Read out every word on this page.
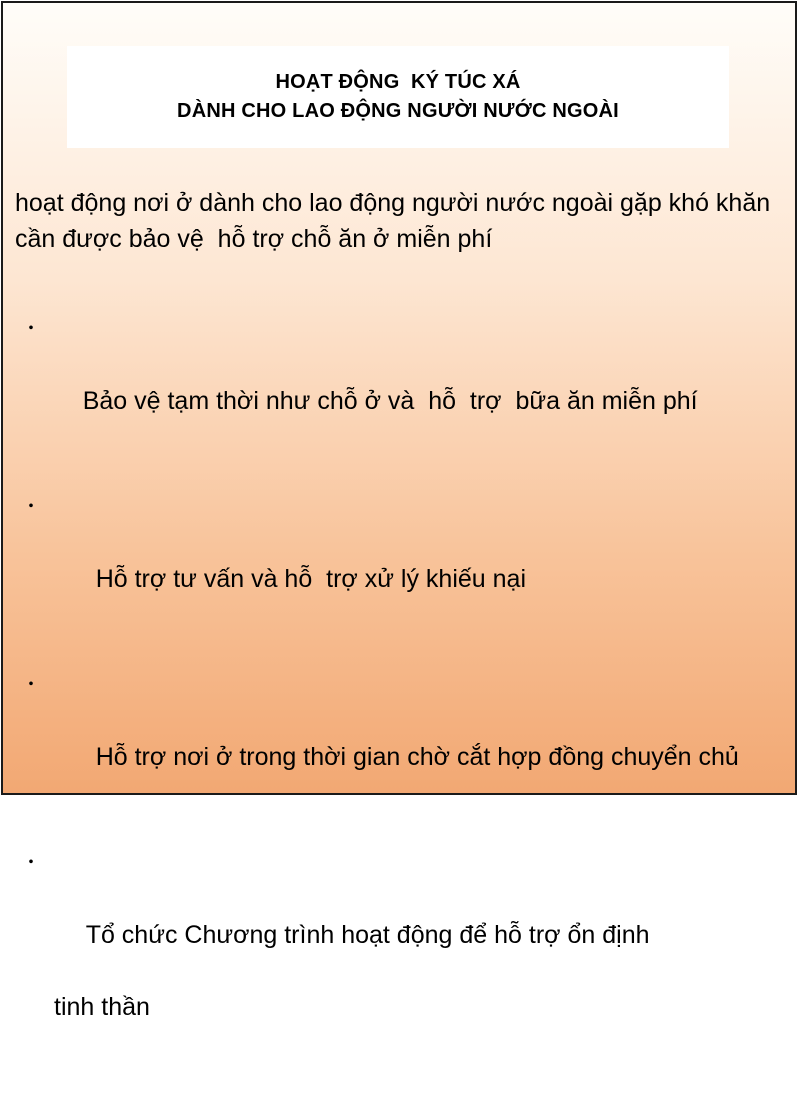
HOẠT ĐỘNG  KÝ TÚC XÁ
DÀNH CHO LAO ĐỘNG NGƯỜI NƯỚC NGOÀI
hoạt động nơi ở dành cho lao động người nước ngoài gặp khó khăn  cần được bảo vệ  hỗ trợ chỗ ăn ở miễn phí

・

Bảo vệ tạm thời như chỗ ở và  hỗ  trợ  bữa ăn miễn phí

・

Hỗ trợ tư vấn và hỗ  trợ xử lý khiếu nại

・

Hỗ trợ nơi ở trong thời gian chờ cắt hợp đồng chuyển chủ

・

Tổ chức Chương trình hoạt động để hỗ trợ ổn định

tinh thần
